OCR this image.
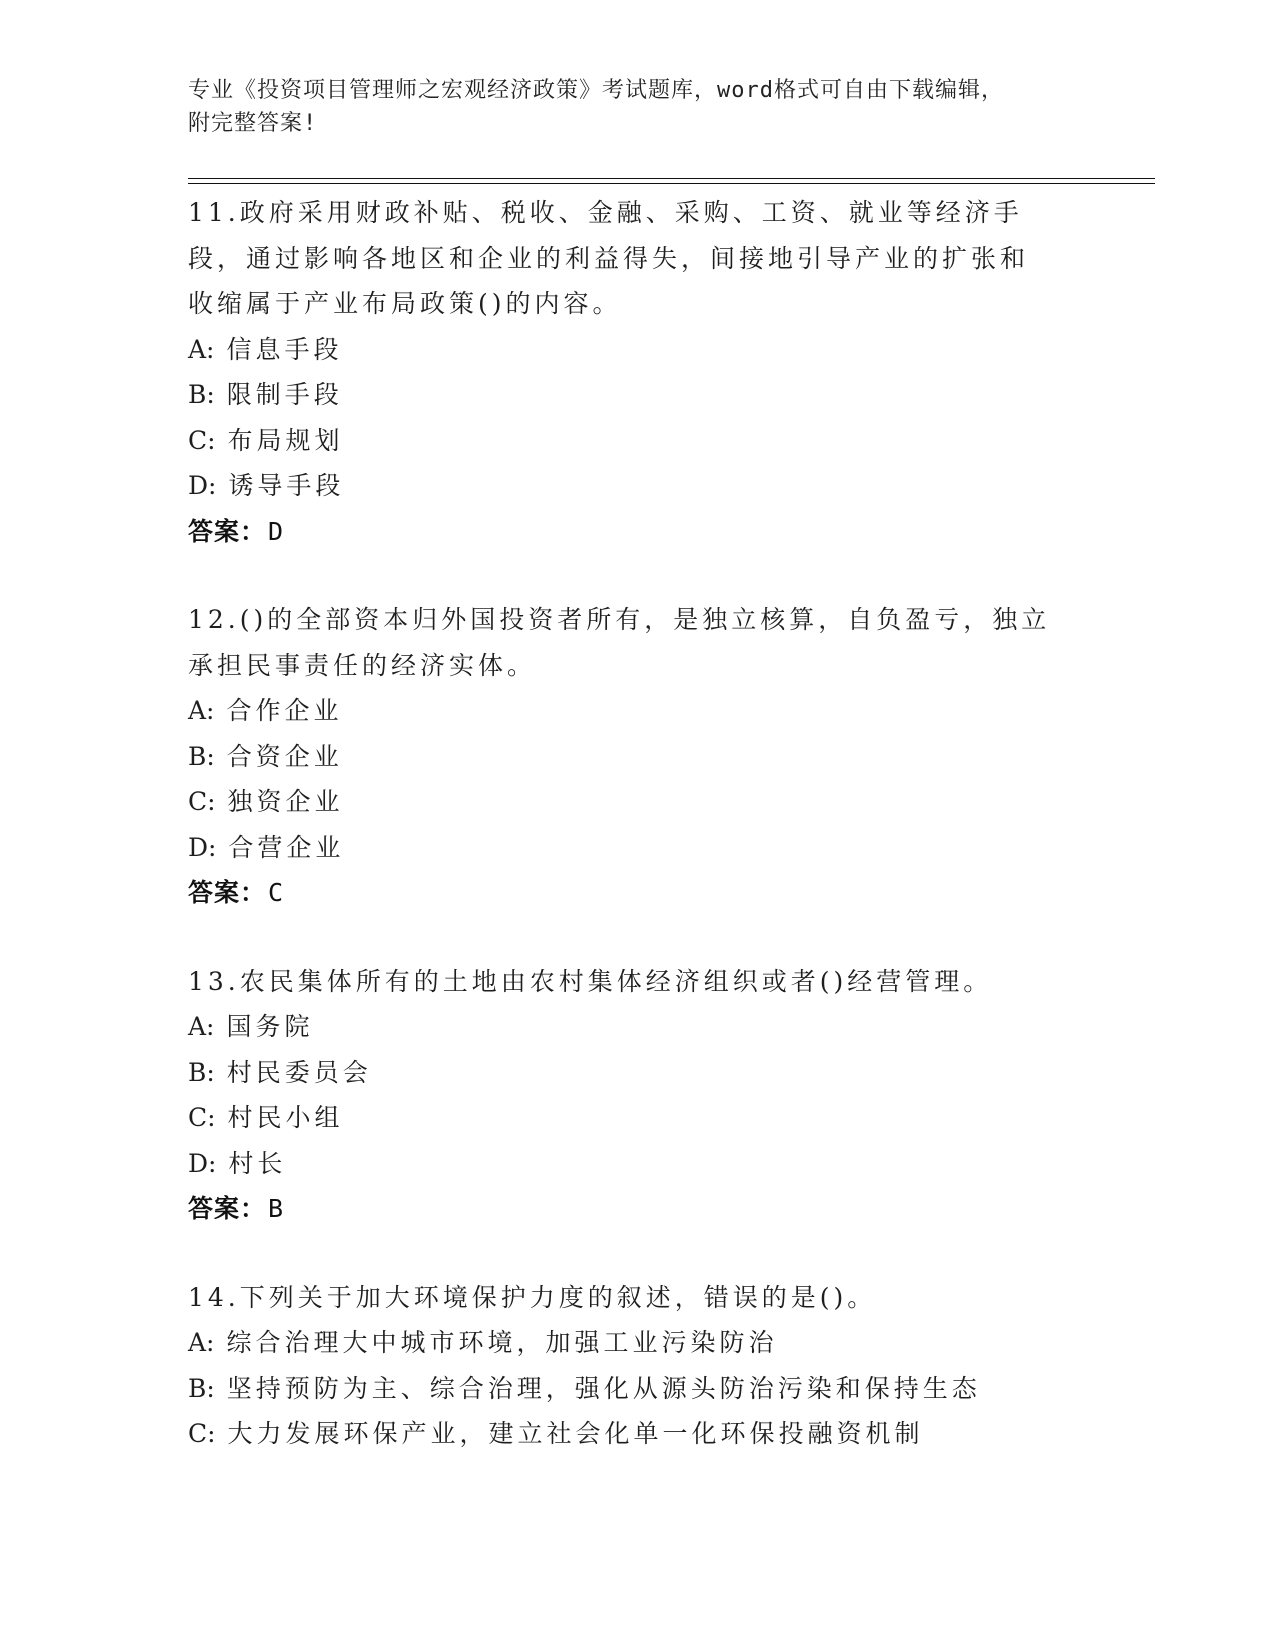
专业《投资项目管理师之宏观经济政策》考试题库，word格式可自由下载编辑，
附完整答案!
11.政府采用财政补贴、税收、金融、采购、工资、就业等经济手段，通过影响各地区和企业的利益得失，间接地引导产业的扩张和收缩属于产业布局政策()的内容。
A: 信息手段
B: 限制手段
C: 布局规划
D: 诱导手段
答案：D
12.()的全部资本归外国投资者所有，是独立核算，自负盈亏，独立承担民事责任的经济实体。
A: 合作企业
B: 合资企业
C: 独资企业
D: 合营企业
答案：C
13.农民集体所有的土地由农村集体经济组织或者()经营管理。
A: 国务院
B: 村民委员会
C: 村民小组
D: 村长
答案：B
14.下列关于加大环境保护力度的叙述，错误的是()。
A: 综合治理大中城市环境，加强工业污染防治
B: 坚持预防为主、综合治理，强化从源头防治污染和保持生态
C: 大力发展环保产业，建立社会化单一化环保投融资机制
